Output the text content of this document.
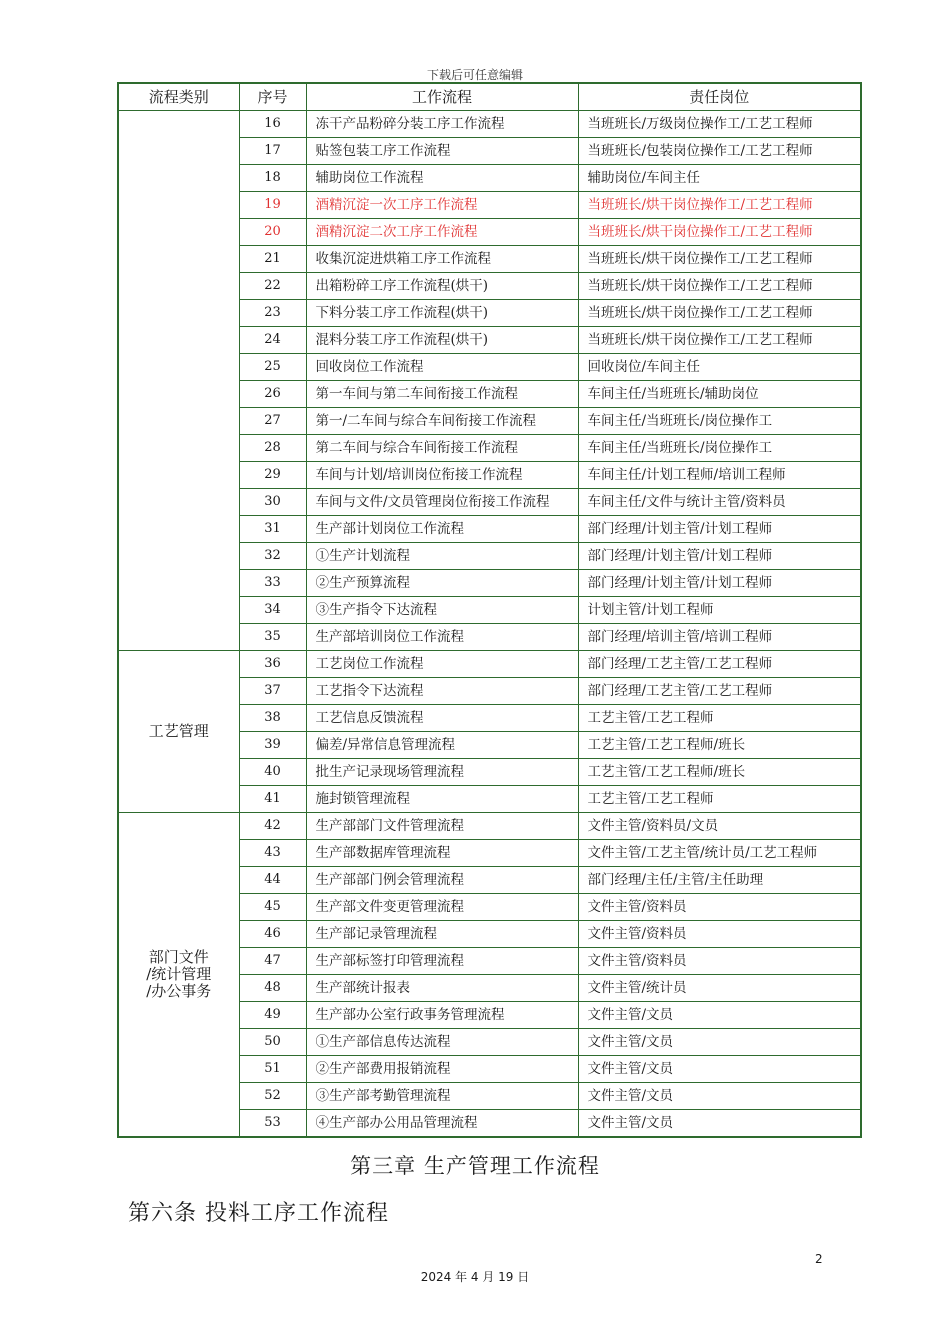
下载后可任意编辑
流程类别	序号	工作流程	责任岗位
	16	冻干产品粉碎分装工序工作流程	当班班长/万级岗位操作工/工艺工程师
	17	贴签包装工序工作流程	当班班长/包装岗位操作工/工艺工程师
	18	辅助岗位工作流程	辅助岗位/车间主任
	19	酒精沉淀一次工序工作流程	当班班长/烘干岗位操作工/工艺工程师
	20	酒精沉淀二次工序工作流程	当班班长/烘干岗位操作工/工艺工程师
	21	收集沉淀进烘箱工序工作流程	当班班长/烘干岗位操作工/工艺工程师
	22	出箱粉碎工序工作流程(烘干)	当班班长/烘干岗位操作工/工艺工程师
	23	下料分装工序工作流程(烘干)	当班班长/烘干岗位操作工/工艺工程师
	24	混料分装工序工作流程(烘干)	当班班长/烘干岗位操作工/工艺工程师
	25	回收岗位工作流程	回收岗位/车间主任
	26	第一车间与第二车间衔接工作流程	车间主任/当班班长/辅助岗位
	27	第一/二车间与综合车间衔接工作流程	车间主任/当班班长/岗位操作工
	28	第二车间与综合车间衔接工作流程	车间主任/当班班长/岗位操作工
	29	车间与计划/培训岗位衔接工作流程	车间主任/计划工程师/培训工程师
	30	车间与文件/文员管理岗位衔接工作流程	车间主任/文件与统计主管/资料员
	31	生产部计划岗位工作流程	部门经理/计划主管/计划工程师
	32	①生产计划流程	部门经理/计划主管/计划工程师
	33	②生产预算流程	部门经理/计划主管/计划工程师
	34	③生产指令下达流程	计划主管/计划工程师
	35	生产部培训岗位工作流程	部门经理/培训主管/培训工程师
工艺管理	36	工艺岗位工作流程	部门经理/工艺主管/工艺工程师
	37	工艺指令下达流程	部门经理/工艺主管/工艺工程师
	38	工艺信息反馈流程	工艺主管/工艺工程师
	39	偏差/异常信息管理流程	工艺主管/工艺工程师/班长
	40	批生产记录现场管理流程	工艺主管/工艺工程师/班长
	41	施封锁管理流程	工艺主管/工艺工程师

部门文件
/统计管理
/办公事务	42	生产部部门文件管理流程	文件主管/资料员/文员
	43	生产部数据库管理流程	文件主管/工艺主管/统计员/工艺工程师
	44	生产部部门例会管理流程	部门经理/主任/主管/主任助理
	45	生产部文件变更管理流程	文件主管/资料员
	46	生产部记录管理流程	文件主管/资料员
	47	生产部标签打印管理流程	文件主管/资料员
	48	生产部统计报表	文件主管/统计员
	49	生产部办公室行政事务管理流程	文件主管/文员
	50	①生产部信息传达流程	文件主管/文员
	51	②生产部费用报销流程	文件主管/文员
	52	③生产部考勤管理流程	文件主管/文员
	53	④生产部办公用品管理流程	文件主管/文员
第三章 生产管理工作流程
第六条 投料工序工作流程
2
2024 年 4 月 19 日
